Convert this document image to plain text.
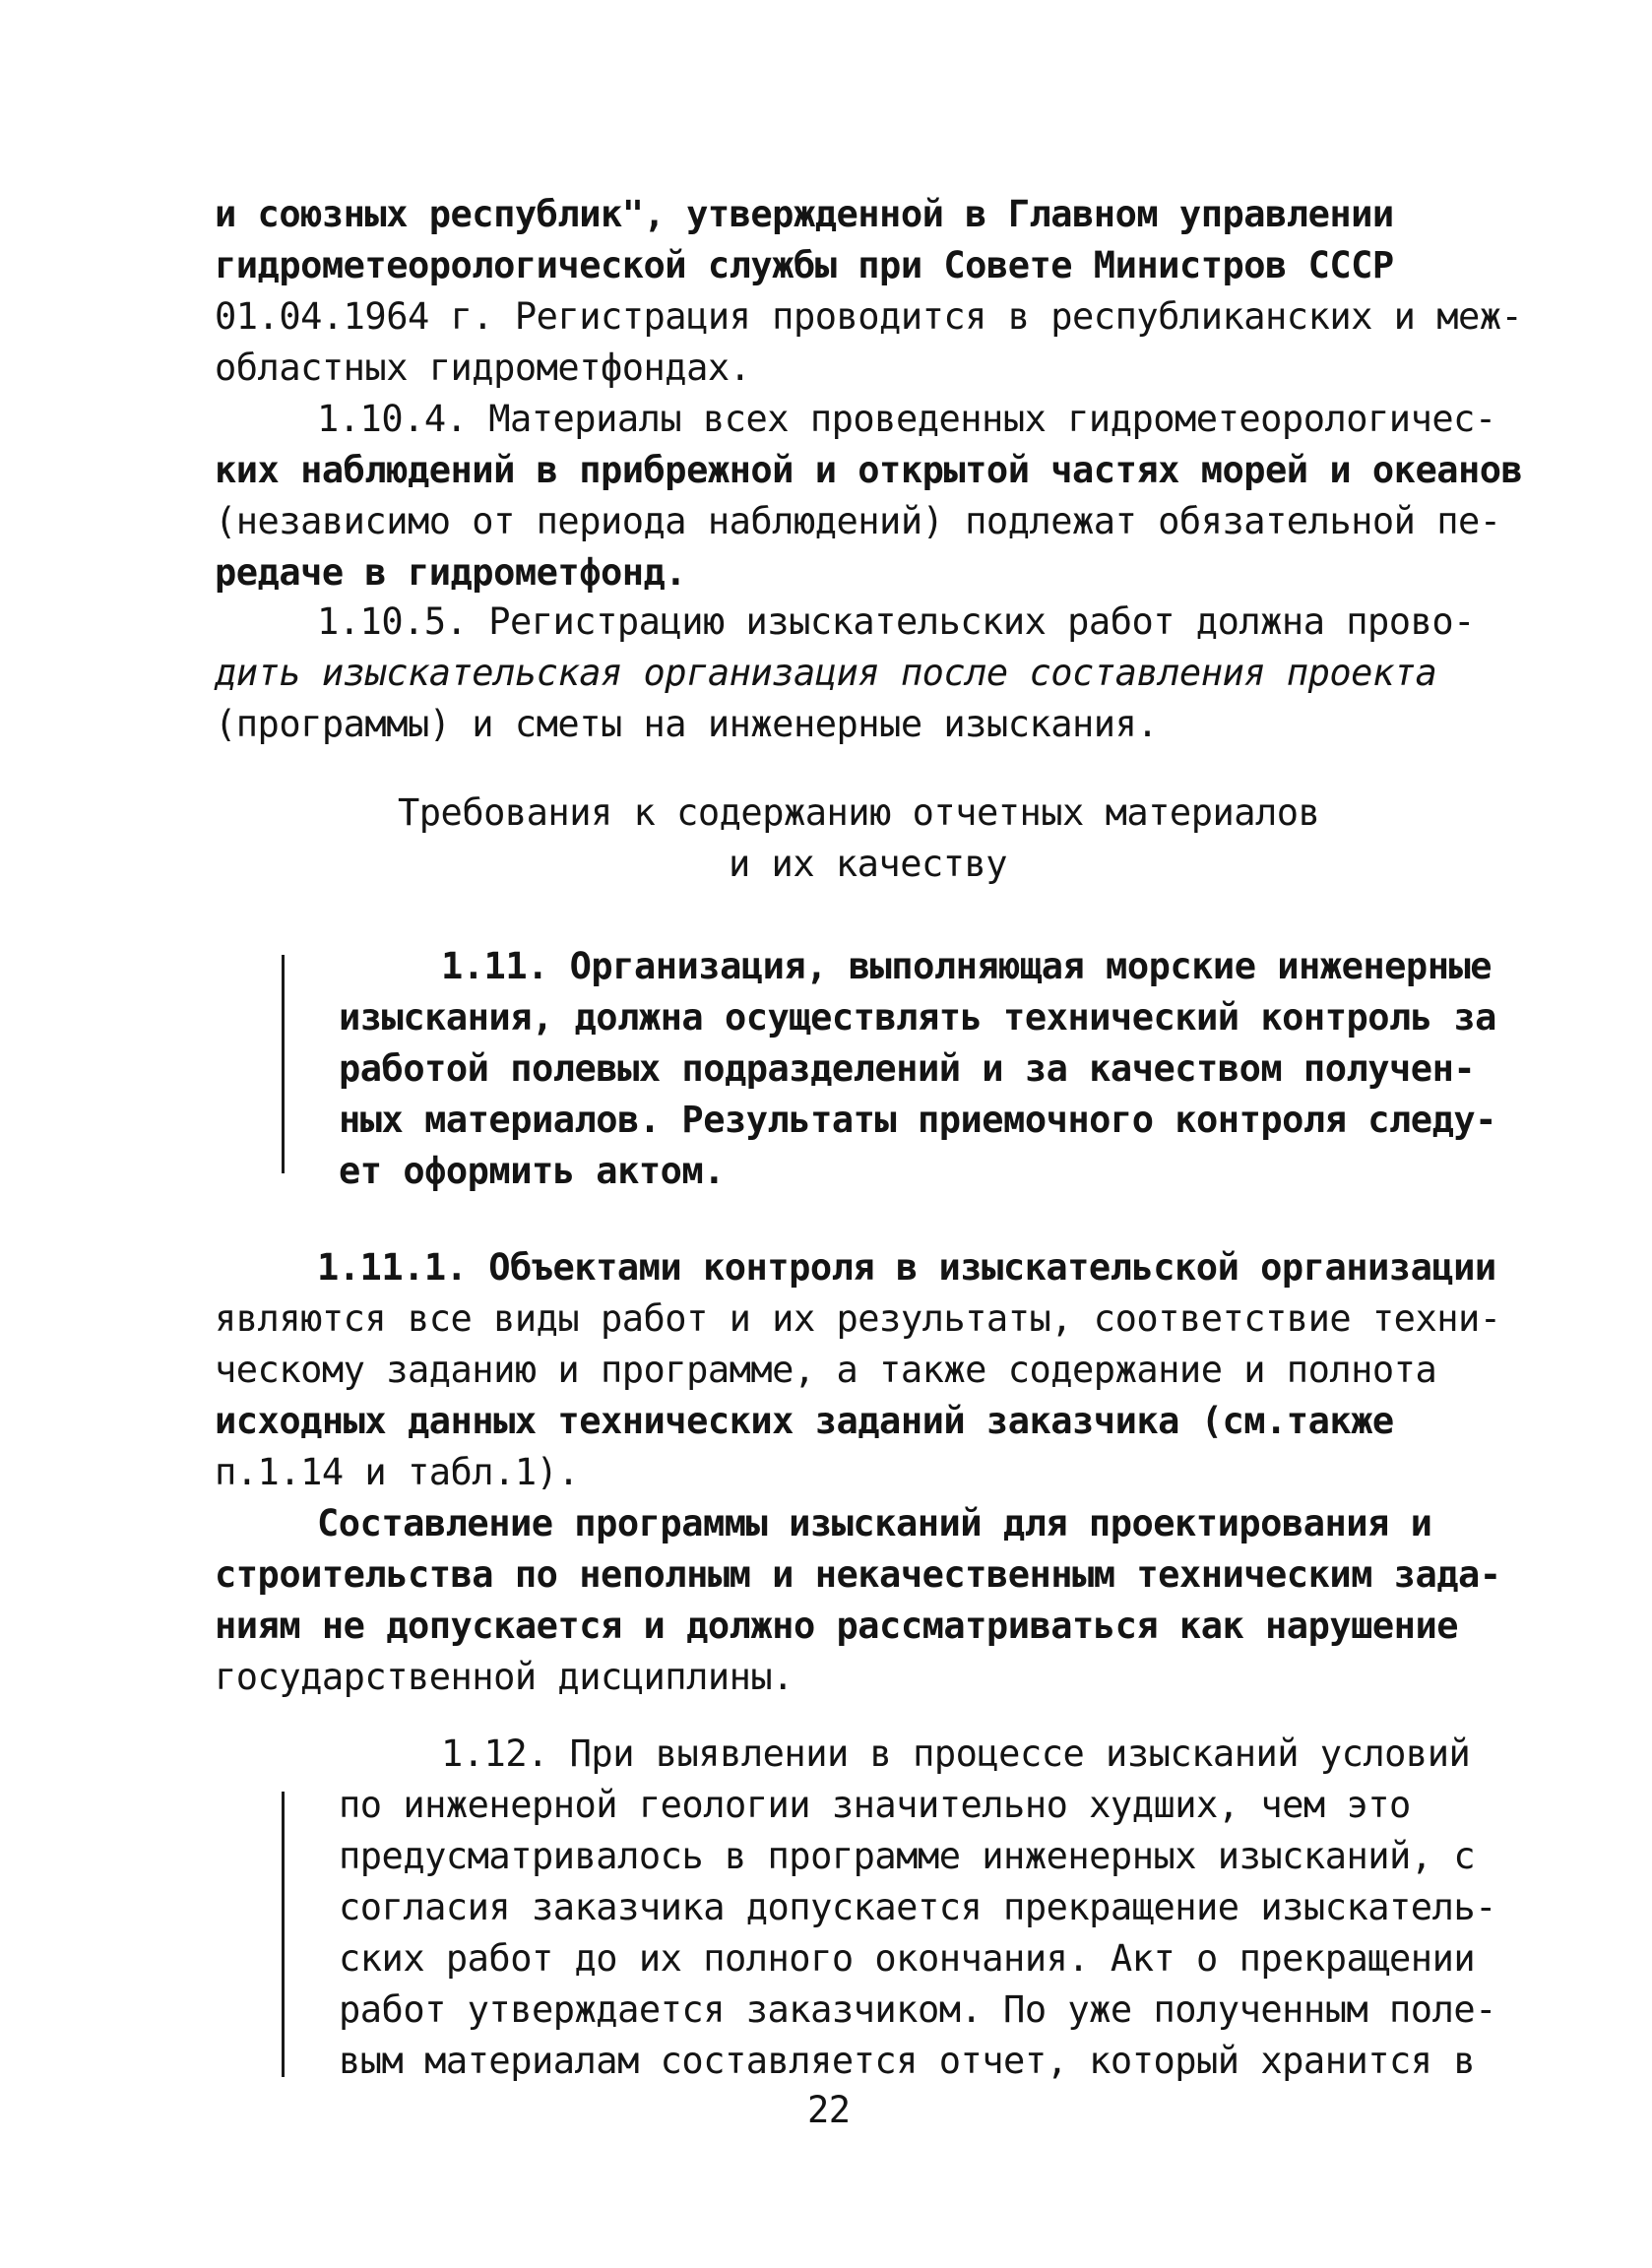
и союзных республик", утвержденной в Главном управлении
гидрометеорологической службы при Совете Министров СССР
01.04.1964 г. Регистрация проводится в республиканских и меж-
областных гидрометфондах.
1.10.4. Материалы всех проведенных гидрометеорологичес-
ких наблюдений в прибрежной и открытой частях морей и океанов
(независимо от периода наблюдений) подлежат обязательной пе-
редаче в гидрометфонд.
1.10.5. Регистрацию изыскательских работ должна прово-
дить изыскательская организация после составления проекта
(программы) и сметы на инженерные изыскания.
Требования к содержанию отчетных материалов
и их качеству
1.11. Организация, выполняющая морские инженерные
изыскания, должна осуществлять технический контроль за
работой полевых подразделений и за качеством получен-
ных материалов. Результаты приемочного контроля следу-
ет оформить актом.
1.11.1. Объектами контроля в изыскательской организации
являются все виды работ и их результаты, соответствие техни-
ческому заданию и программе, а также содержание и полнота
исходных данных технических заданий заказчика (см.также
п.1.14 и табл.1).
Составление программы изысканий для проектирования и
строительства по неполным и некачественным техническим зада-
ниям не допускается и должно рассматриваться как нарушение
государственной дисциплины.
1.12. При выявлении в процессе изысканий условий
по инженерной геологии значительно худших, чем это
предусматривалось в программе инженерных изысканий, с
согласия заказчика допускается прекращение изыскатель-
ских работ до их полного окончания. Акт о прекращении
работ утверждается заказчиком. По уже полученным поле-
вым материалам составляется отчет, который хранится в
22
